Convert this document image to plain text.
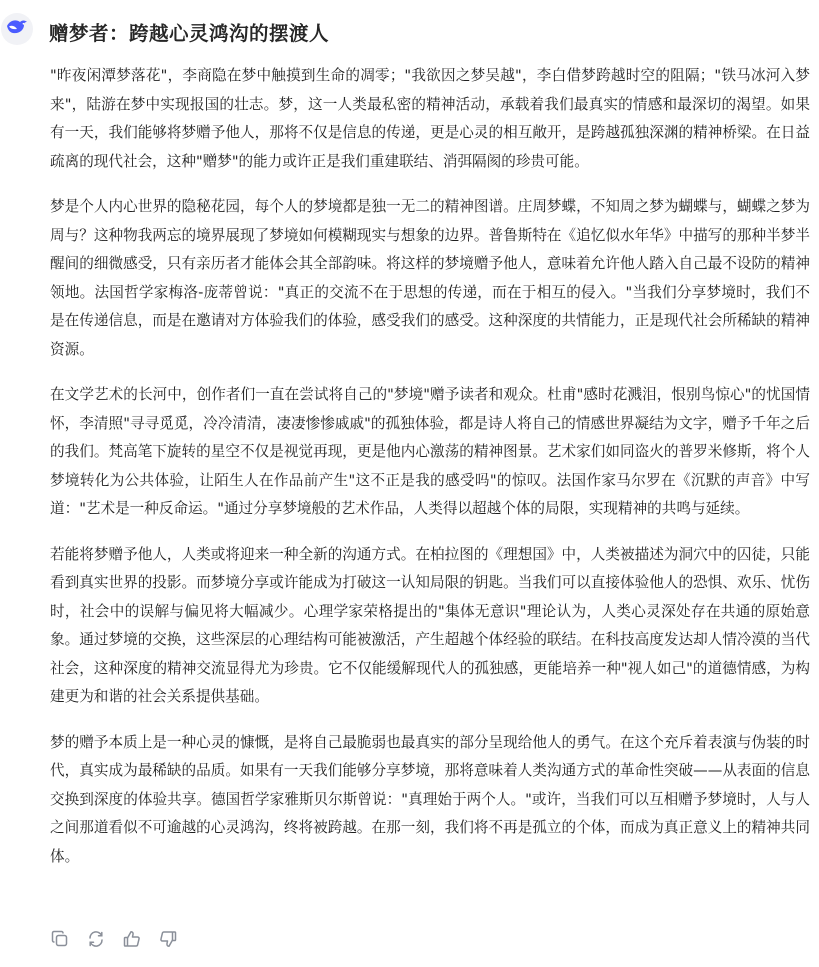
赠梦者：跨越心灵鸿沟的摆渡人

"昨夜闲潭梦落花"，李商隐在梦中触摸到生命的凋零；"我欲因之梦吴越"，李白借梦跨越时空的阻隔；"铁马冰河入梦来"，陆游在梦中实现报国的壮志。梦，这一人类最私密的精神活动，承载着我们最真实的情感和最深切的渴望。如果有一天，我们能够将梦赠予他人，那将不仅是信息的传递，更是心灵的相互敞开，是跨越孤独深渊的精神桥梁。在日益疏离的现代社会，这种"赠梦"的能力或许正是我们重建联结、消弭隔阂的珍贵可能。

梦是个人内心世界的隐秘花园，每个人的梦境都是独一无二的精神图谱。庄周梦蝶，不知周之梦为蝴蝶与，蝴蝶之梦为周与？这种物我两忘的境界展现了梦境如何模糊现实与想象的边界。普鲁斯特在《追忆似水年华》中描写的那种半梦半醒间的细微感受，只有亲历者才能体会其全部韵味。将这样的梦境赠予他人，意味着允许他人踏入自己最不设防的精神领地。法国哲学家梅洛-庞蒂曾说："真正的交流不在于思想的传递，而在于相互的侵入。"当我们分享梦境时，我们不是在传递信息，而是在邀请对方体验我们的体验，感受我们的感受。这种深度的共情能力，正是现代社会所稀缺的精神资源。

在文学艺术的长河中，创作者们一直在尝试将自己的"梦境"赠予读者和观众。杜甫"感时花溅泪，恨别鸟惊心"的忧国情怀，李清照"寻寻觅觅，冷冷清清，凄凄惨惨戚戚"的孤独体验，都是诗人将自己的情感世界凝结为文字，赠予千年之后的我们。梵高笔下旋转的星空不仅是视觉再现，更是他内心激荡的精神图景。艺术家们如同盗火的普罗米修斯，将个人梦境转化为公共体验，让陌生人在作品前产生"这不正是我的感受吗"的惊叹。法国作家马尔罗在《沉默的声音》中写道："艺术是一种反命运。"通过分享梦境般的艺术作品，人类得以超越个体的局限，实现精神的共鸣与延续。

若能将梦赠予他人，人类或将迎来一种全新的沟通方式。在柏拉图的《理想国》中，人类被描述为洞穴中的囚徒，只能看到真实世界的投影。而梦境分享或许能成为打破这一认知局限的钥匙。当我们可以直接体验他人的恐惧、欢乐、忧伤时，社会中的误解与偏见将大幅减少。心理学家荣格提出的"集体无意识"理论认为，人类心灵深处存在共通的原始意象。通过梦境的交换，这些深层的心理结构可能被激活，产生超越个体经验的联结。在科技高度发达却人情冷漠的当代社会，这种深度的精神交流显得尤为珍贵。它不仅能缓解现代人的孤独感，更能培养一种"视人如己"的道德情感，为构建更为和谐的社会关系提供基础。

梦的赠予本质上是一种心灵的慷慨，是将自己最脆弱也最真实的部分呈现给他人的勇气。在这个充斥着表演与伪装的时代，真实成为最稀缺的品质。如果有一天我们能够分享梦境，那将意味着人类沟通方式的革命性突破——从表面的信息交换到深度的体验共享。德国哲学家雅斯贝尔斯曾说："真理始于两个人。"或许，当我们可以互相赠予梦境时，人与人之间那道看似不可逾越的心灵鸿沟，终将被跨越。在那一刻，我们将不再是孤立的个体，而成为真正意义上的精神共同体。
